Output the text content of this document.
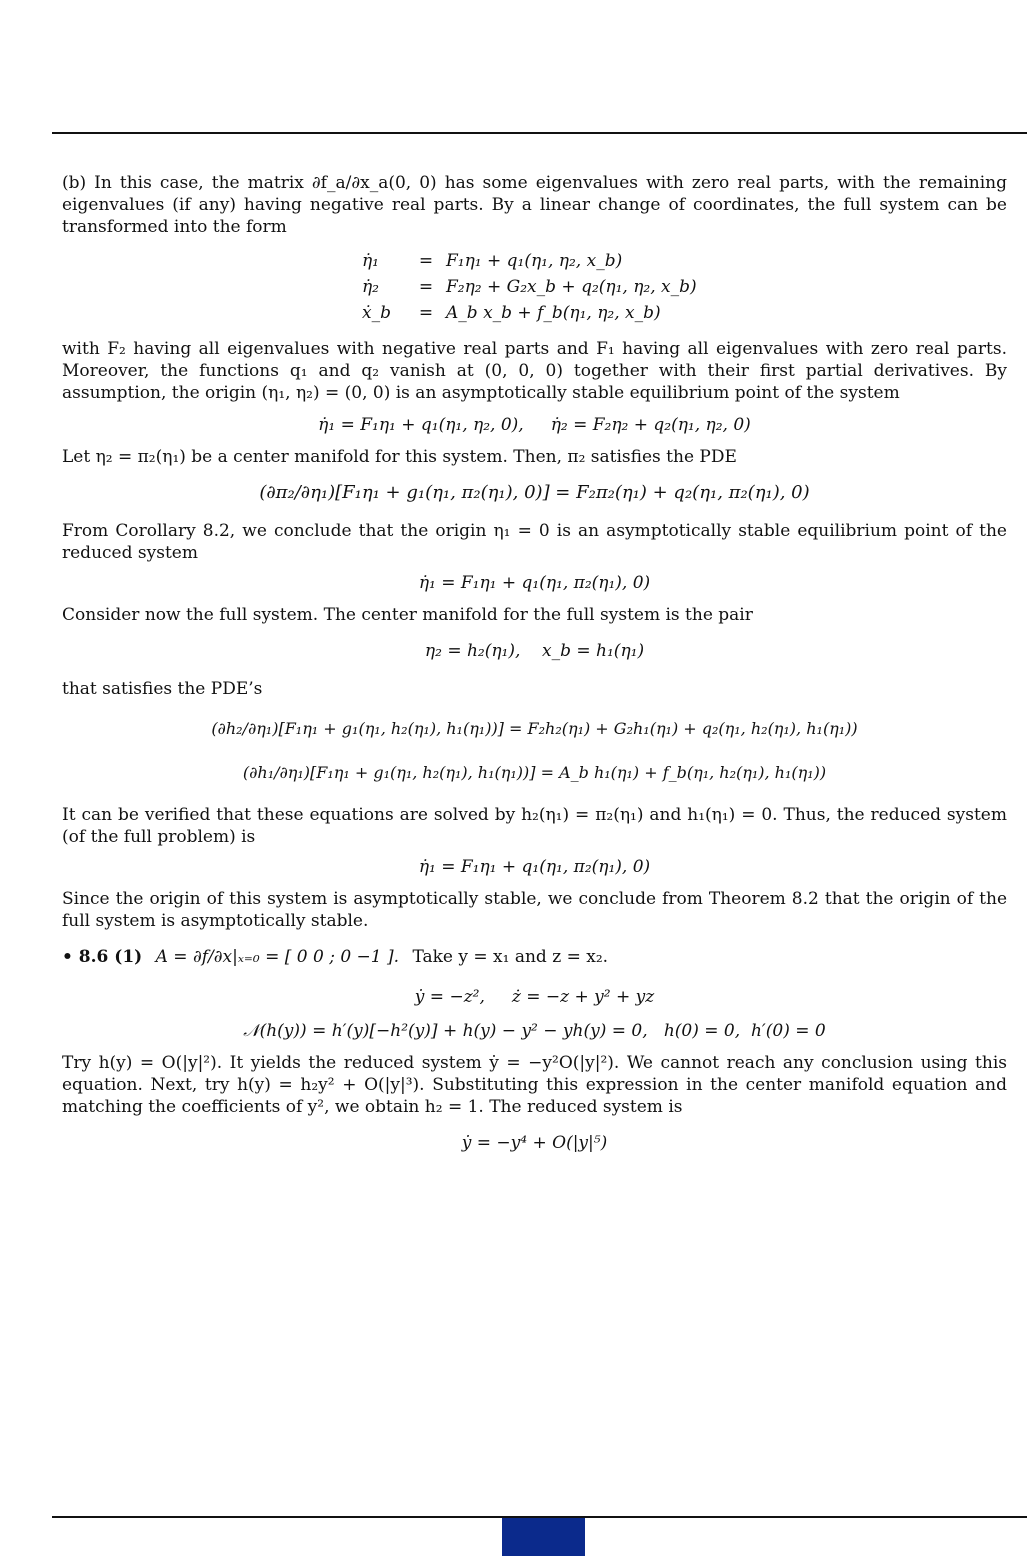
(b) In this case, the matrix ∂f_a/∂x_a(0, 0) has some eigenvalues with zero real parts, with the remaining eigenvalues (if any) having negative real parts. By a linear change of coordinates, the full system can be transformed into the form

η̇₁	= F₁η₁ + q₁(η₁, η₂, x_b)
η̇₂	= F₂η₂ + G₂x_b + q₂(η₁, η₂, x_b)
ẋ_b	= A_b x_b + f_b(η₁, η₂, x_b)

with F₂ having all eigenvalues with negative real parts and F₁ having all eigenvalues with zero real parts. Moreover, the functions q₁ and q₂ vanish at (0, 0, 0) together with their first partial derivatives. By assumption, the origin (η₁, η₂) = (0, 0) is an asymptotically stable equilibrium point of the system

η̇₁ = F₁η₁ + q₁(η₁, η₂, 0),     η̇₂ = F₂η₂ + q₂(η₁, η₂, 0)

Let η₂ = π₂(η₁) be a center manifold for this system. Then, π₂ satisfies the PDE

(∂π₂/∂η₁)[F₁η₁ + g₁(η₁, π₂(η₁), 0)] = F₂π₂(η₁) + q₂(η₁, π₂(η₁), 0)

From Corollary 8.2, we conclude that the origin η₁ = 0 is an asymptotically stable equilibrium point of the reduced system

η̇₁ = F₁η₁ + q₁(η₁, π₂(η₁), 0)

Consider now the full system. The center manifold for the full system is the pair

η₂ = h₂(η₁),    x_b = h₁(η₁)

that satisfies the PDE’s

(∂h₂/∂η₁)[F₁η₁ + g₁(η₁, h₂(η₁), h₁(η₁))] = F₂h₂(η₁) + G₂h₁(η₁) + q₂(η₁, h₂(η₁), h₁(η₁))
(∂h₁/∂η₁)[F₁η₁ + g₁(η₁, h₂(η₁), h₁(η₁))] = A_b h₁(η₁) + f_b(η₁, h₂(η₁), h₁(η₁))

It can be verified that these equations are solved by h₂(η₁) = π₂(η₁) and h₁(η₁) = 0. Thus, the reduced system (of the full problem) is

η̇₁ = F₁η₁ + q₁(η₁, π₂(η₁), 0)

Since the origin of this system is asymptotically stable, we conclude from Theorem 8.2 that the origin of the full system is asymptotically stable.

• 8.6 (1) A = ∂f/∂x|ₓ₌₀ = [ 0 0 ; 0 −1 ]. Take y = x₁ and z = x₂.
ẏ = −z²,     ż = −z + y² + yz
𝒩(h(y)) = h′(y)[−h²(y)] + h(y) − y² − yh(y) = 0,   h(0) = 0,  h′(0) = 0

Try h(y) = O(|y|²). It yields the reduced system ẏ = −y²O(|y|²). We cannot reach any conclusion using this equation. Next, try h(y) = h₂y² + O(|y|³). Substituting this expression in the center manifold equation and matching the coefficients of y², we obtain h₂ = 1. The reduced system is

ẏ = −y⁴ + O(|y|⁵)
